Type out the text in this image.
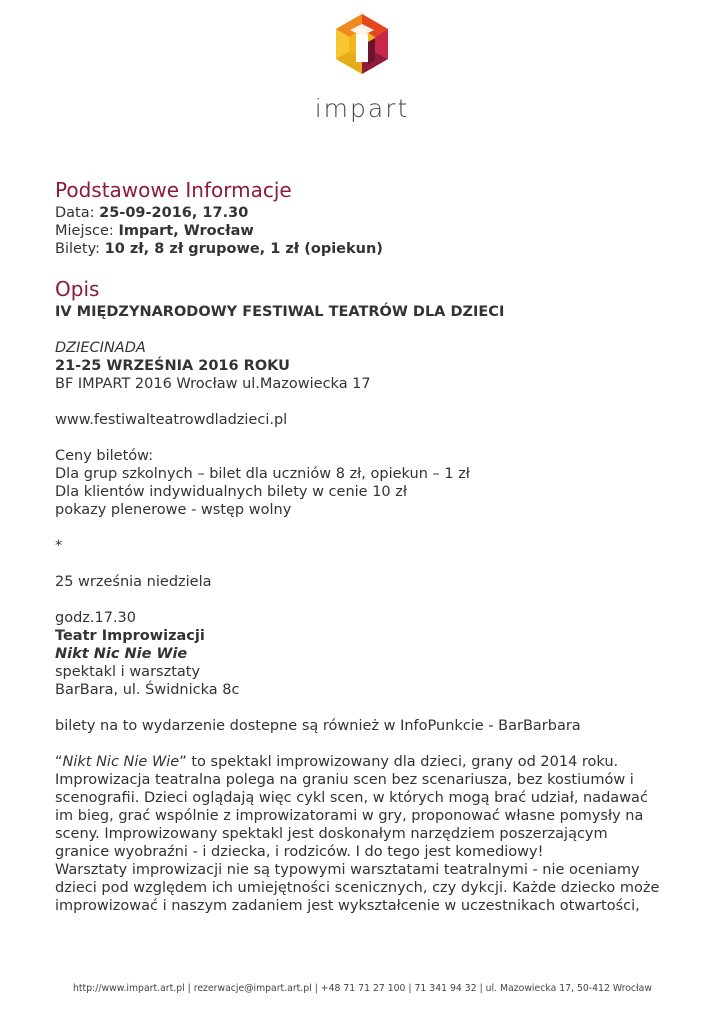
impart
Podstawowe Informacje
Data: 25-09-2016, 17.30
Miejsce: Impart, Wrocław
Bilety: 10 zł, 8 zł grupowe, 1 zł (opiekun)
Opis
IV MIĘDZYNARODOWY FESTIWAL TEATRÓW DLA DZIECI
DZIECINADA
21-25 WRZEŚNIA 2016 ROKU
BF IMPART 2016 Wrocław ul.Mazowiecka 17
www.festiwalteatrowdladzieci.pl
Ceny biletów:
Dla grup szkolnych – bilet dla uczniów 8 zł, opiekun – 1 zł
Dla klientów indywidualnych bilety w cenie 10 zł
pokazy plenerowe - wstęp wolny
*
25 września niedziela
godz.17.30
Teatr Improwizacji
Nikt Nic Nie Wie
spektakl i warsztaty
BarBara, ul. Świdnicka 8c
bilety na to wydarzenie dostepne są również w InfoPunkcie - BarBarbara
“Nikt Nic Nie Wie” to spektakl improwizowany dla dzieci, grany od 2014 roku.
Improwizacja teatralna polega na graniu scen bez scenariusza, bez kostiumów i
scenografii. Dzieci oglądają więc cykl scen, w których mogą brać udział, nadawać
im bieg, grać wspólnie z improwizatorami w gry, proponować własne pomysły na
sceny. Improwizowany spektakl jest doskonałym narzędziem poszerzającym
granice wyobraźni - i dziecka, i rodziców. I do tego jest komediowy!
Warsztaty improwizacji nie są typowymi warsztatami teatralnymi - nie oceniamy
dzieci pod względem ich umiejętności scenicznych, czy dykcji. Każde dziecko może
improwizować i naszym zadaniem jest wykształcenie w uczestnikach otwartości,
http://www.impart.art.pl | rezerwacje@impart.art.pl | +48 71 71 27 100 | 71 341 94 32 | ul. Mazowiecka 17, 50-412 Wrocław
